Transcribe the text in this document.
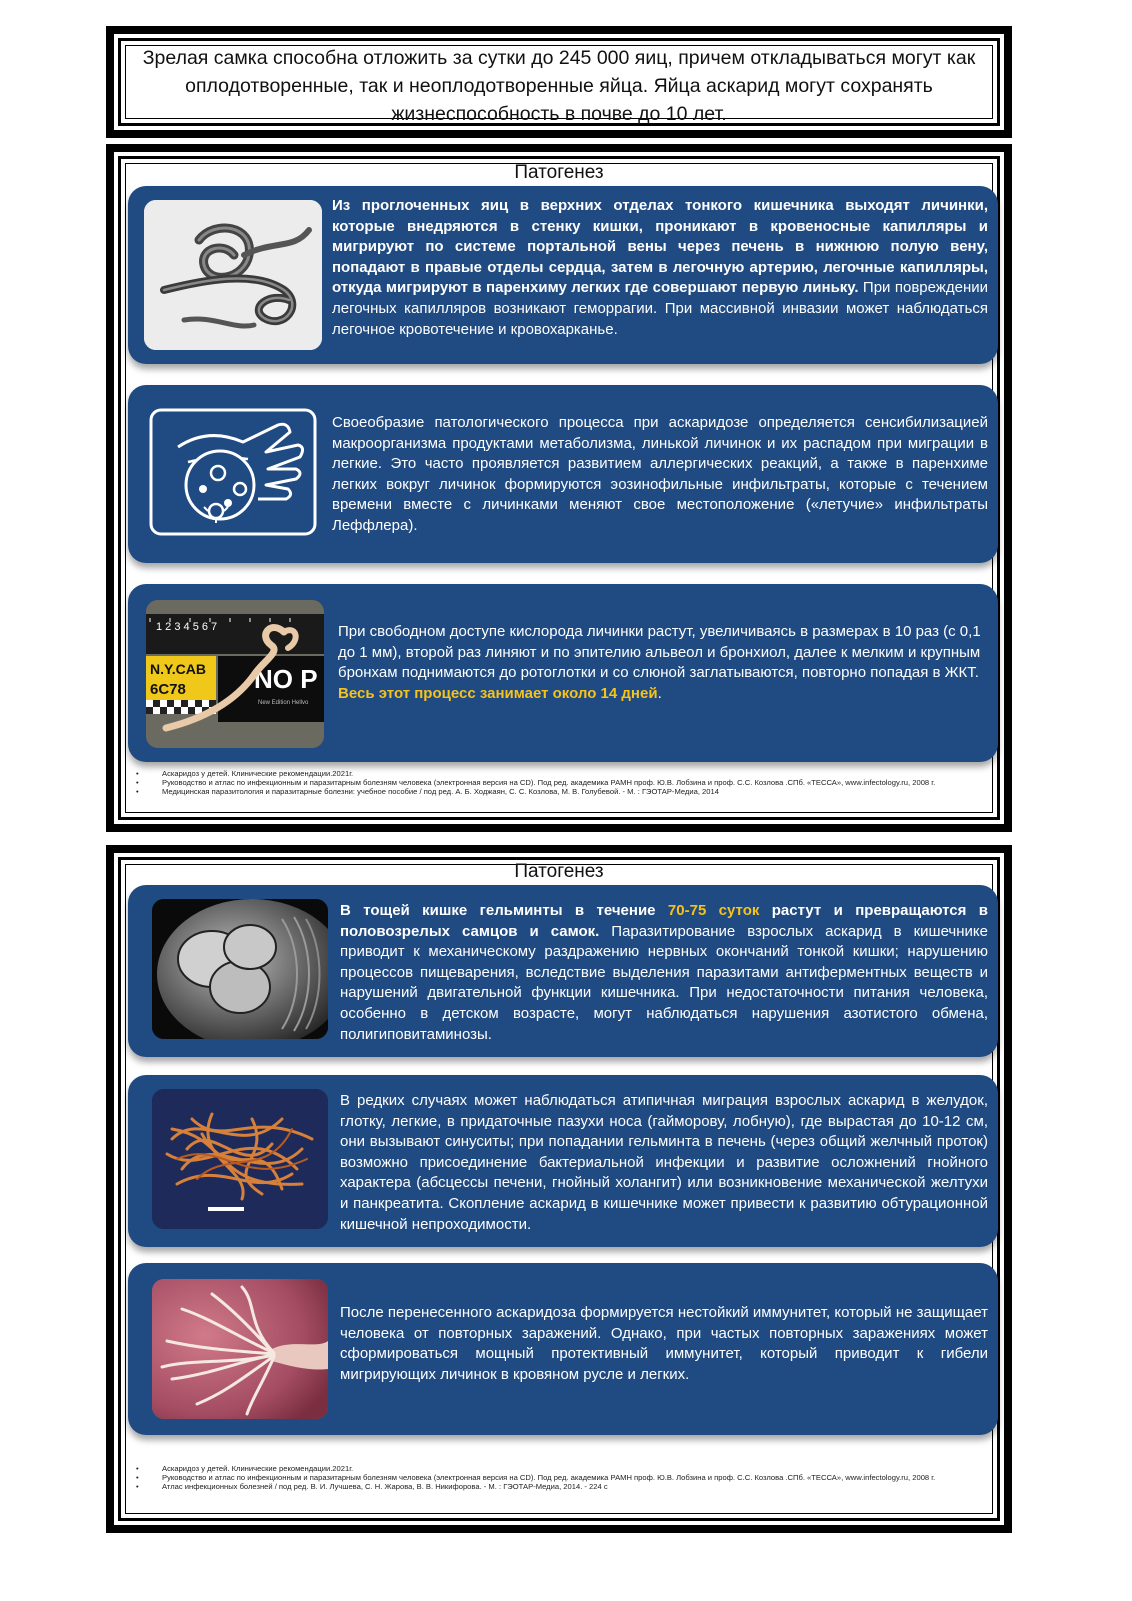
Зрелая самка способна отложить за сутки до 245 000 яиц, причем откладываться могут как оплодотворенные, так и неоплодотворенные яйца. Яйца аскарид могут сохранять жизнеспособность в почве до 10 лет.
Патогенез
Из проглоченных яиц в верхних отделах тонкого кишечника выходят личинки, которые внедряются в стенку кишки, проникают в кровеносные капилляры и мигрируют по системе портальной вены через печень в нижнюю полую вену, попадают в правые отделы сердца, затем в легочную артерию, легочные капилляры, откуда мигрируют в паренхиму легких где совершают первую линьку. При повреждении легочных капилляров возникают геморрагии. При массивной инвазии может наблюдаться легочное кровотечение и кровохарканье.
Своеобразие патологического процесса при аскаридозе определяется сенсибилизацией макроорганизма продуктами метаболизма, линькой личинок и их распадом при миграции в легкие. Это часто проявляется развитием аллергических реакций, а также в паренхиме легких вокруг личинок формируются эозинофильные инфильтраты, которые с течением времени вместе с личинками меняют свое местоположение («летучие» инфильтраты Леффлера).
1 2 3 4 5 6 7
N.Y.CAB
6C78	NO P
New Edition Hellvo
При свободном доступе кислорода личинки растут, увеличиваясь в размерах в 10 раз (с 0,1 до 1 мм), второй раз линяют и по эпителию альвеол и бронхиол, далее к мелким и крупным бронхам поднимаются до ротоглотки и со слюной заглатываются, повторно попадая в ЖКТ. Весь этот процесс занимает около 14 дней.
• Аскаридоз у детей. Клинические рекомендации.2021г.
• Руководство и атлас по инфекционным и паразитарным болезням человека (электронная версия на CD). Под ред. академика РАМН проф. Ю.В. Лобзина и проф. С.С. Козлова .СПб. «ТЕССА», www.infectology.ru, 2008 г.
• Медицинская паразитология и паразитарные болезни: учебное пособие / под ред. А. Б. Ходжаян, С. С. Козлова, М. В. Голубевой. - М. : ГЭОТАР-Медиа, 2014
Патогенез
В тощей кишке гельминты в течение 70-75 суток растут и превращаются в половозрелых самцов и самок. Паразитирование взрослых аскарид в кишечнике приводит к механическому раздражению нервных окончаний тонкой кишки; нарушению процессов пищеварения, вследствие выделения паразитами антиферментных веществ и нарушений двигательной функции кишечника. При недостаточности питания человека, особенно в детском возрасте, могут наблюдаться нарушения азотистого обмена, полигиповитаминозы.
В редких случаях может наблюдаться атипичная миграция взрослых аскарид в желудок, глотку, легкие, в придаточные пазухи носа (гайморову, лобную), где вырастая до 10-12 см, они вызывают синуситы; при попадании гельминта в печень (через общий желчный проток) возможно присоединение бактериальной инфекции и развитие осложнений гнойного характера (абсцессы печени, гнойный холангит) или возникновение механической желтухи и панкреатита. Скопление аскарид в кишечнике может привести к развитию обтурационной кишечной непроходимости.
После перенесенного аскаридоза формируется нестойкий иммунитет, который не защищает человека от повторных заражений. Однако, при частых повторных заражениях может сформироваться мощный протективный иммунитет, который приводит к гибели мигрирующих личинок в кровяном русле и легких.
• Аскаридоз у детей. Клинические рекомендации.2021г.
• Руководство и атлас по инфекционным и паразитарным болезням человека (электронная версия на CD). Под ред. академика РАМН проф. Ю.В. Лобзина и проф. С.С. Козлова .СПб. «ТЕССА», www.infectology.ru, 2008 г.
• Атлас инфекционных болезней / под ред. В. И. Лучшева, С. Н. Жарова, В. В. Никифорова. - М. : ГЭОТАР-Медиа, 2014. - 224 с
